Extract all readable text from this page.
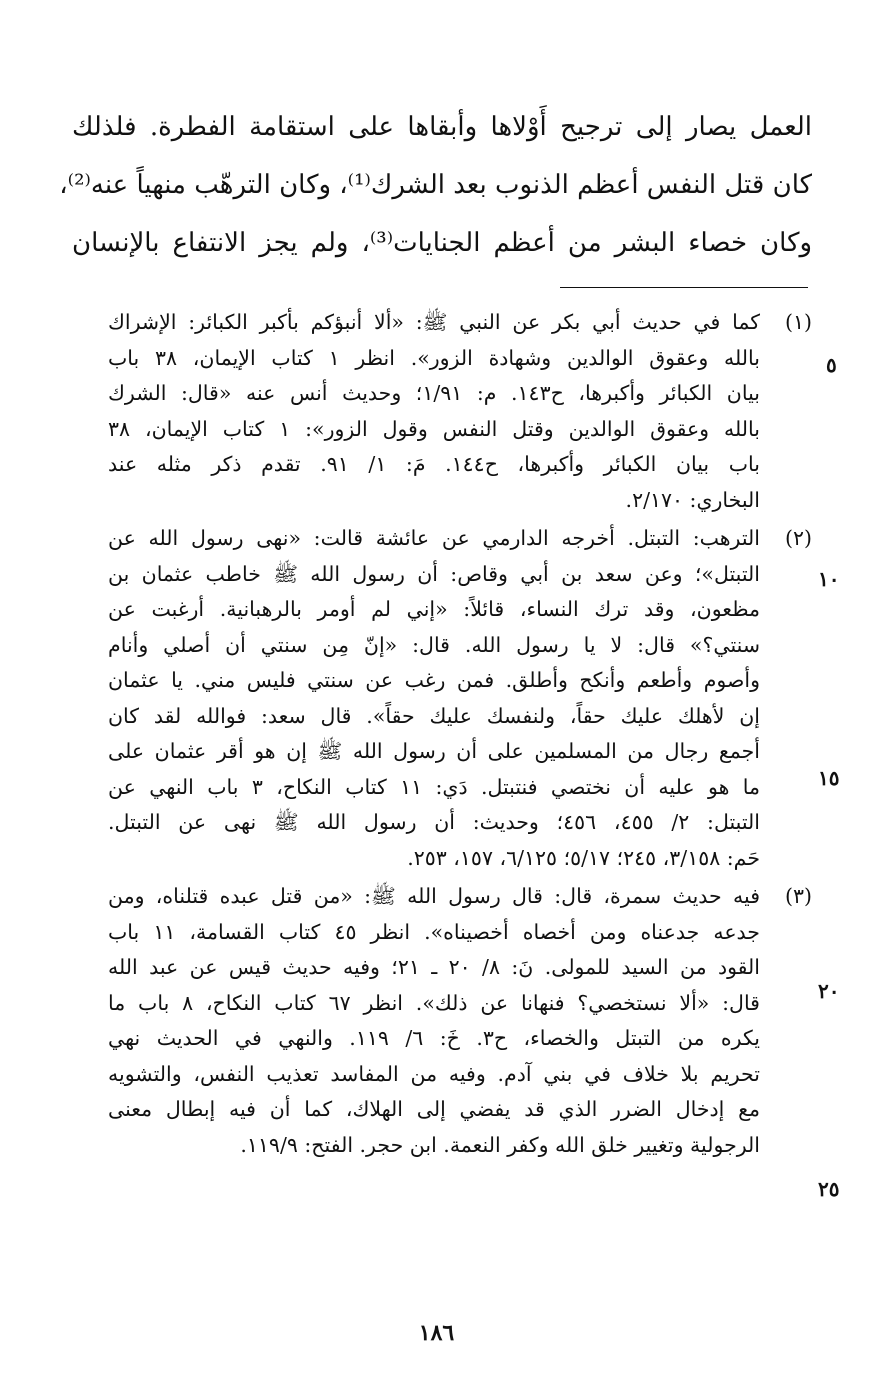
العمل يصار إلى ترجيح أَوْلاها وأبقاها على استقامة الفطرة. فلذلك
كان قتل النفس أعظم الذنوب بعد الشرك⁽¹⁾، وكان الترهّب منهياً عنه⁽²⁾،
وكان خصاء البشر من أعظم الجنايات⁽³⁾، ولم يجز الانتفاع بالإنسان
(١)
كما في حديث أبي بكر عن النبي ﷺ: «ألا أنبؤكم بأكبر الكبائر: الإشراك
بالله وعقوق الوالدين وشهادة الزور». انظر ١ كتاب الإيمان، ٣٨ باب
بيان الكبائر وأكبرها، ح١٤٣. م: ١/٩١؛ وحديث أنس عنه «قال: الشرك
بالله وعقوق الوالدين وقتل النفس وقول الزور»: ١ كتاب الإيمان، ٣٨
باب بيان الكبائر وأكبرها، ح١٤٤. مَ: ١/ ٩١. تقدم ذكر مثله عند
البخاري: ٢/١٧٠.
(٢)
الترهب: التبتل. أخرجه الدارمي عن عائشة قالت: «نهى رسول الله عن
التبتل»؛ وعن سعد بن أبي وقاص: أن رسول الله ﷺ خاطب عثمان بن
مظعون، وقد ترك النساء، قائلاً: «إني لم أومر بالرهبانية. أرغبت عن
سنتي؟» قال: لا يا رسول الله. قال: «إنّ مِن سنتي أن أصلي وأنام
وأصوم وأطعم وأنكح وأطلق. فمن رغب عن سنتي فليس مني. يا عثمان
إن لأهلك عليك حقاً، ولنفسك عليك حقاً». قال سعد: فوالله لقد كان
أجمع رجال من المسلمين على أن رسول الله ﷺ إن هو أقر عثمان على
ما هو عليه أن نختصي فنتبتل. دَي: ١١ كتاب النكاح، ٣ باب النهي عن
التبتل: ٢/ ٤٥٥، ٤٥٦؛ وحديث: أن رسول الله ﷺ نهى عن التبتل.
حَم: ٣/١٥٨، ٢٤٥؛ ٥/١٧؛ ٦/١٢٥، ١٥٧، ٢٥٣.
(٣)
فيه حديث سمرة، قال: قال رسول الله ﷺ: «من قتل عبده قتلناه، ومن
جدعه جدعناه ومن أخصاه أخصيناه». انظر ٤٥ كتاب القسامة، ١١ باب
القود من السيد للمولى. نَ: ٨/ ٢٠ ـ ٢١؛ وفيه حديث قيس عن عبد الله
قال: «ألا نستخصي؟ فنهانا عن ذلك». انظر ٦٧ كتاب النكاح، ٨ باب ما
يكره من التبتل والخصاء، ح٣. خَ: ٦/ ١١٩. والنهي في الحديث نهي
تحريم بلا خلاف في بني آدم. وفيه من المفاسد تعذيب النفس، والتشويه
مع إدخال الضرر الذي قد يفضي إلى الهلاك، كما أن فيه إبطال معنى
الرجولية وتغيير خلق الله وكفر النعمة. ابن حجر. الفتح: ١١٩/٩.
٥
١٠
١٥
٢٠
٢٥
١٨٦
